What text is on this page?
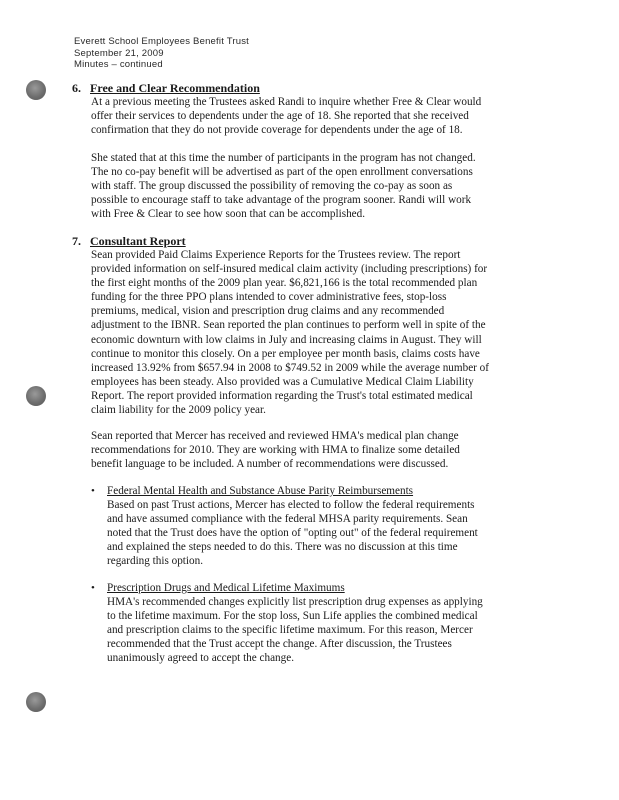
Everett School Employees Benefit Trust
September 21, 2009
Minutes – continued
6. Free and Clear Recommendation
At a previous meeting the Trustees asked Randi to inquire whether Free & Clear would
offer their services to dependents under the age of 18. She reported that she received
confirmation that they do not provide coverage for dependents under the age of 18.
She stated that at this time the number of participants in the program has not changed.
The no co-pay benefit will be advertised as part of the open enrollment conversations
with staff. The group discussed the possibility of removing the co-pay as soon as
possible to encourage staff to take advantage of the program sooner. Randi will work
with Free & Clear to see how soon that can be accomplished.
7. Consultant Report
Sean provided Paid Claims Experience Reports for the Trustees review. The report
provided information on self-insured medical claim activity (including prescriptions) for
the first eight months of the 2009 plan year. $6,821,166 is the total recommended plan
funding for the three PPO plans intended to cover administrative fees, stop-loss
premiums, medical, vision and prescription drug claims and any recommended
adjustment to the IBNR. Sean reported the plan continues to perform well in spite of the
economic downturn with low claims in July and increasing claims in August. They will
continue to monitor this closely. On a per employee per month basis, claims costs have
increased 13.92% from $657.94 in 2008 to $749.52 in 2009 while the average number of
employees has been steady. Also provided was a Cumulative Medical Claim Liability
Report. The report provided information regarding the Trust's total estimated medical
claim liability for the 2009 policy year.
Sean reported that Mercer has received and reviewed HMA's medical plan change
recommendations for 2010. They are working with HMA to finalize some detailed
benefit language to be included. A number of recommendations were discussed.
• Federal Mental Health and Substance Abuse Parity Reimbursements
Based on past Trust actions, Mercer has elected to follow the federal requirements
and have assumed compliance with the federal MHSA parity requirements. Sean
noted that the Trust does have the option of "opting out" of the federal requirement
and explained the steps needed to do this. There was no discussion at this time
regarding this option.
• Prescription Drugs and Medical Lifetime Maximums
HMA's recommended changes explicitly list prescription drug expenses as applying
to the lifetime maximum. For the stop loss, Sun Life applies the combined medical
and prescription claims to the specific lifetime maximum. For this reason, Mercer
recommended that the Trust accept the change. After discussion, the Trustees
unanimously agreed to accept the change.
